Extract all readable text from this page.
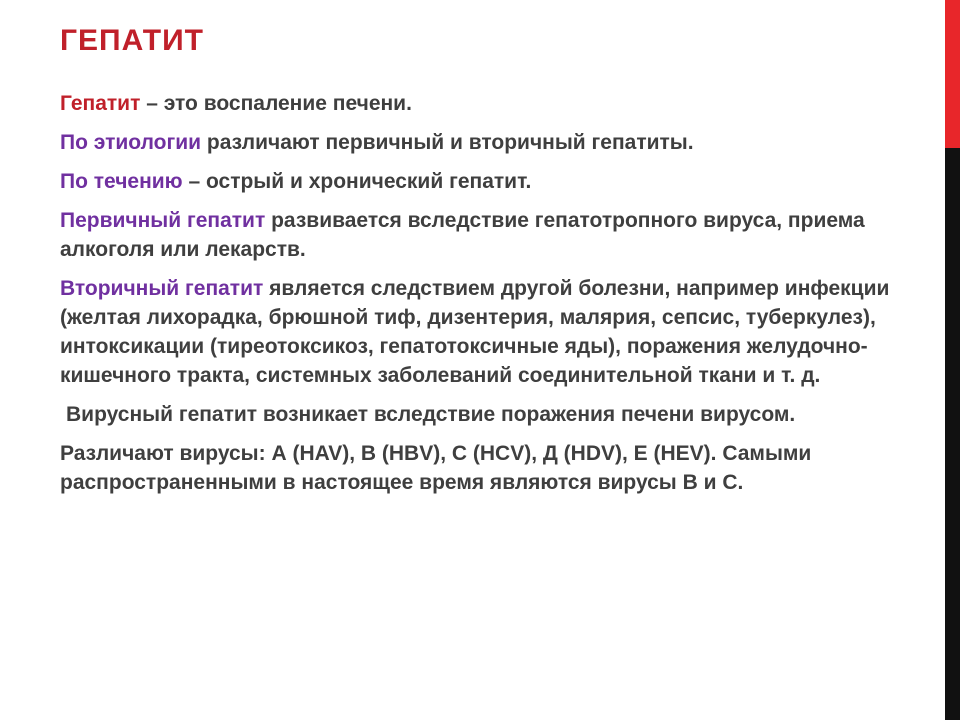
ГЕПАТИТ

Гепатит – это воспаление печени.

По этиологии различают первичный и вторичный гепатиты.

По течению – острый и хронический гепатит.

Первичный гепатит развивается вследствие гепатотропного вируса, приема алкоголя или лекарств.

Вторичный гепатит является следствием другой болезни, например инфекции (желтая лихорадка, брюшной тиф, дизентерия, малярия, сепсис, туберкулез), интоксикации (тиреотоксикоз, гепатотоксичные яды), поражения желудочно-кишечного тракта, системных заболеваний соединительной ткани и т. д.

Вирусный гепатит возникает вследствие поражения печени вирусом.

Различают вирусы: А (HAV), В (HBV), С (HCV), Д (HDV), Е (HEV). Самыми распространенными в настоящее время являются вирусы В и С.
